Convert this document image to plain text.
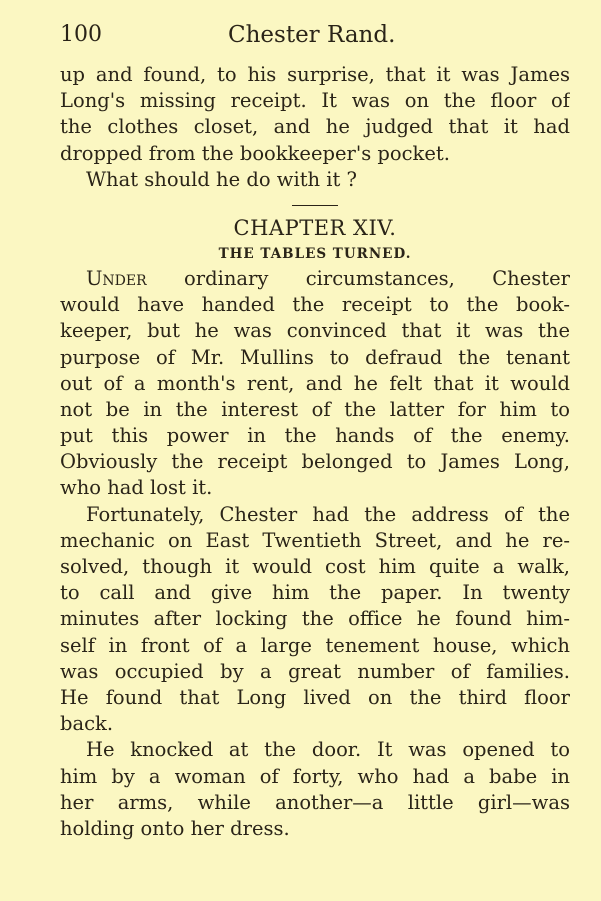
100	Chester Rand.
up and found, to his surprise, that it was James
Long's missing receipt. It was on the floor of
the clothes closet, and he judged that it had
dropped from the bookkeeper's pocket.
What should he do with it ?
CHAPTER XIV.
THE TABLES TURNED.
Under ordinary circumstances, Chester
would have handed the receipt to the book-
keeper, but he was convinced that it was the
purpose of Mr. Mullins to defraud the tenant
out of a month's rent, and he felt that it would
not be in the interest of the latter for him to
put this power in the hands of the enemy.
Obviously the receipt belonged to James Long,
who had lost it.
Fortunately, Chester had the address of the
mechanic on East Twentieth Street, and he re-
solved, though it would cost him quite a walk,
to call and give him the paper. In twenty
minutes after locking the office he found him-
self in front of a large tenement house, which
was occupied by a great number of families.
He found that Long lived on the third floor
back.
He knocked at the door. It was opened to
him by a woman of forty, who had a babe in
her arms, while another—a little girl—was
holding onto her dress.
